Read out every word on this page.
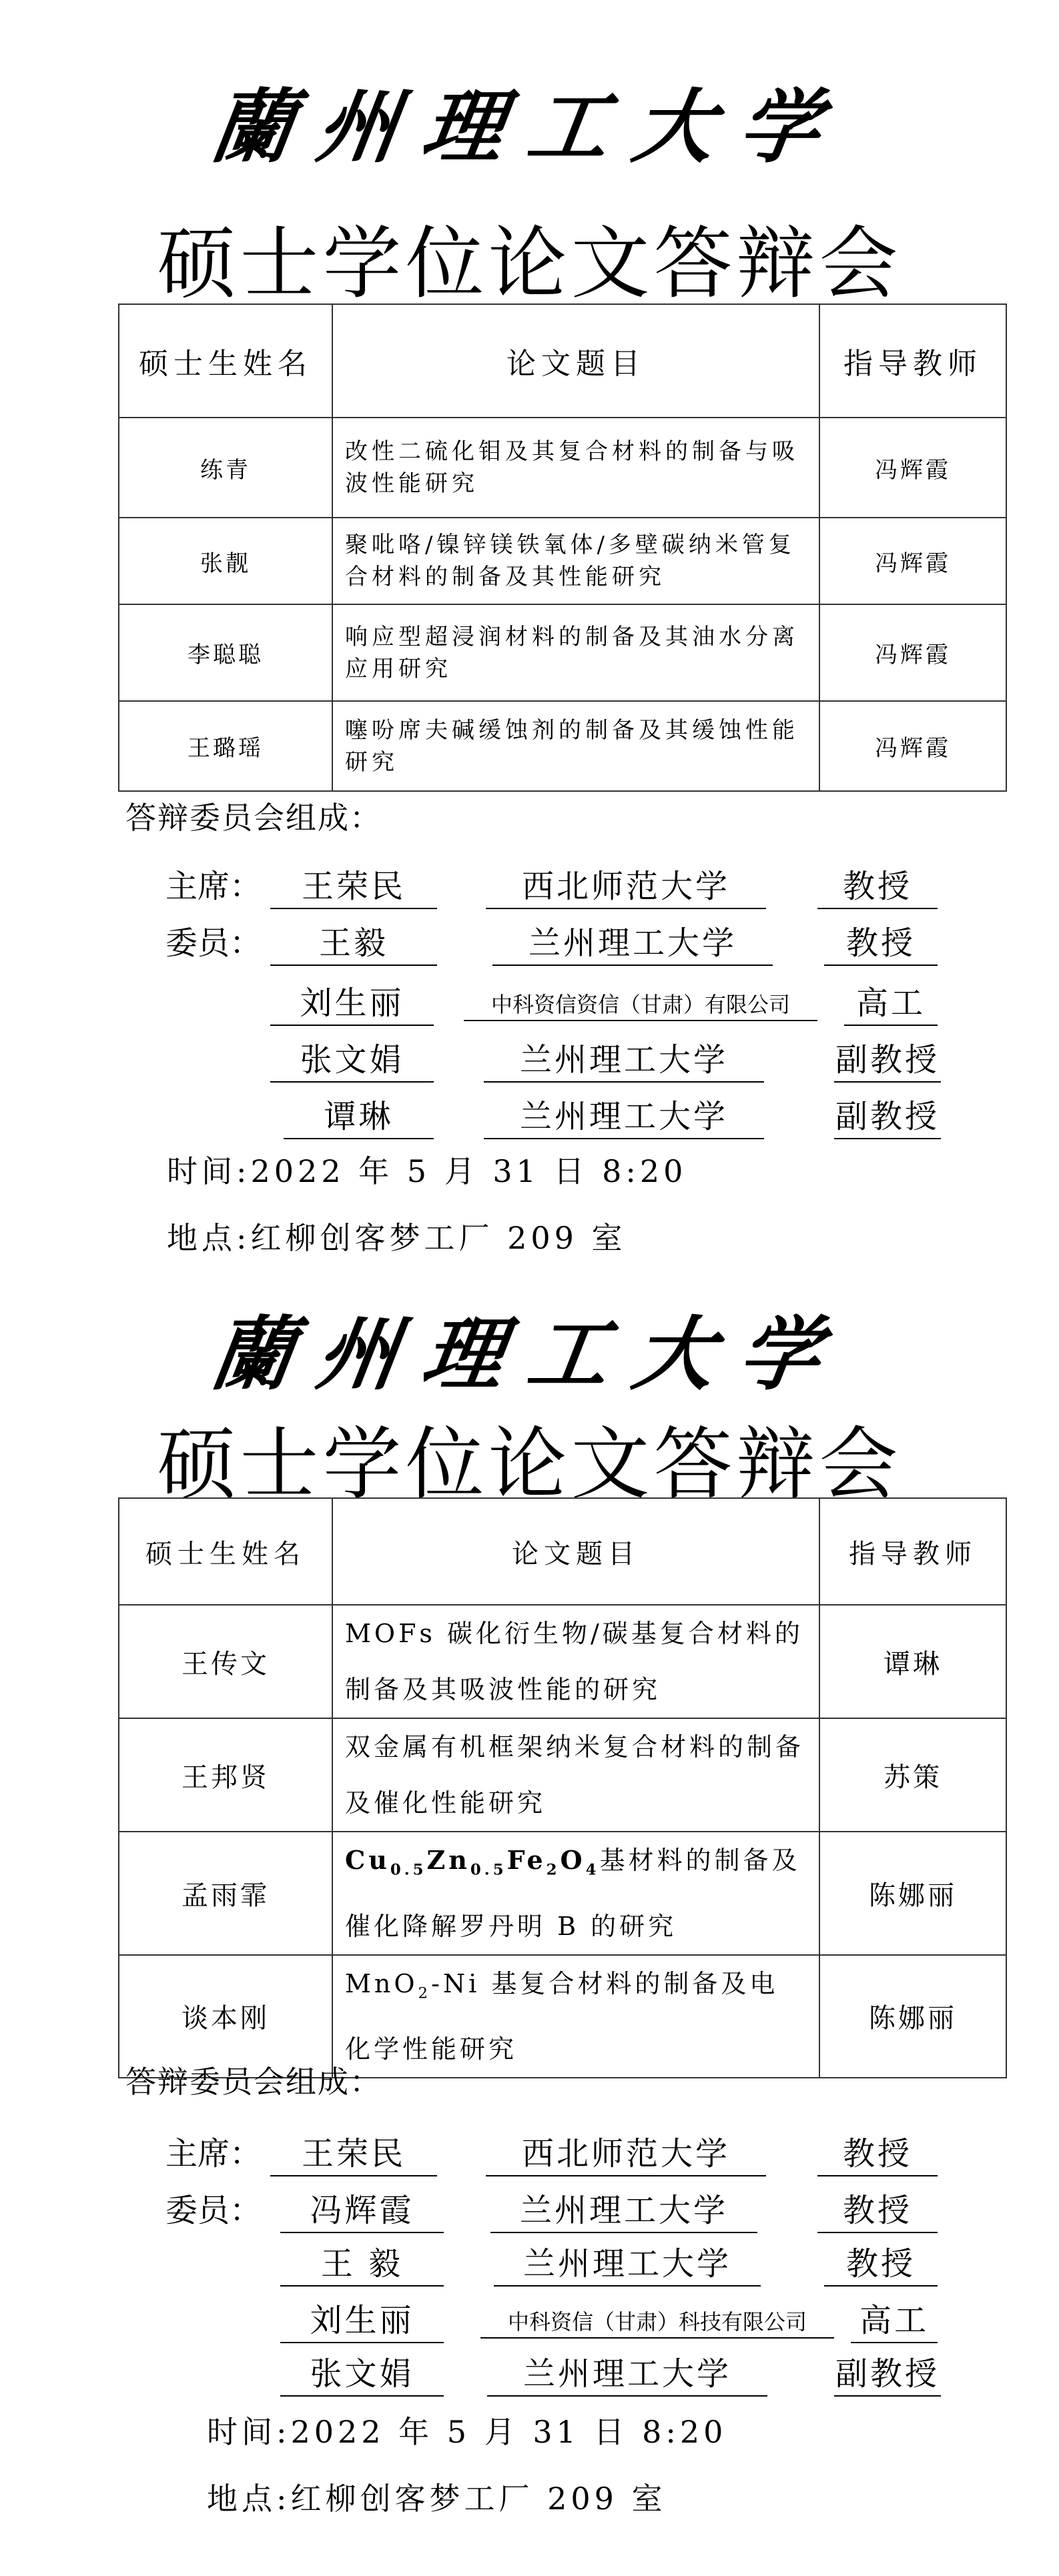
蘭州理工大学
硕士学位论文答辩会
硕士生姓名	论文题目	指导教师
练青	改性二硫化钼及其复合材料的制备与吸波性能研究	冯辉霞
张靓	聚吡咯/镍锌镁铁氧体/多壁碳纳米管复合材料的制备及其性能研究	冯辉霞
李聪聪	响应型超浸润材料的制备及其油水分离应用研究	冯辉霞
王璐瑶	噻吩席夫碱缓蚀剂的制备及其缓蚀性能研究	冯辉霞
答辩委员会组成：
主席：	王荣民	西北师范大学	教授
委员：	王毅	兰州理工大学	教授
刘生丽	中科资信资信（甘肃）有限公司	高工
张文娟	兰州理工大学	副教授
谭琳	兰州理工大学	副教授
时间:2022 年 5 月 31 日 8:20
地点:红柳创客梦工厂 209 室
蘭州理工大学
硕士学位论文答辩会
硕士生姓名	论文题目	指导教师
王传文	MOFs 碳化衍生物/碳基复合材料的制备及其吸波性能的研究	谭琳
王邦贤	双金属有机框架纳米复合材料的制备及催化性能研究	苏策
孟雨霏	$Cu_{0.5}Zn_{0.5}Fe_2O_4$基材料的制备及催化降解罗丹明 B 的研究	陈娜丽
谈本刚	MnO$_2$-Ni 基复合材料的制备及电化学性能研究	陈娜丽
答辩委员会组成：
主席：	王荣民	西北师范大学	教授
委员：	冯辉霞	兰州理工大学	教授
王 毅	兰州理工大学	教授
刘生丽	中科资信（甘肃）科技有限公司	高工
张文娟	兰州理工大学	副教授
时间:2022 年 5 月 31 日 8:20
地点:红柳创客梦工厂 209 室
